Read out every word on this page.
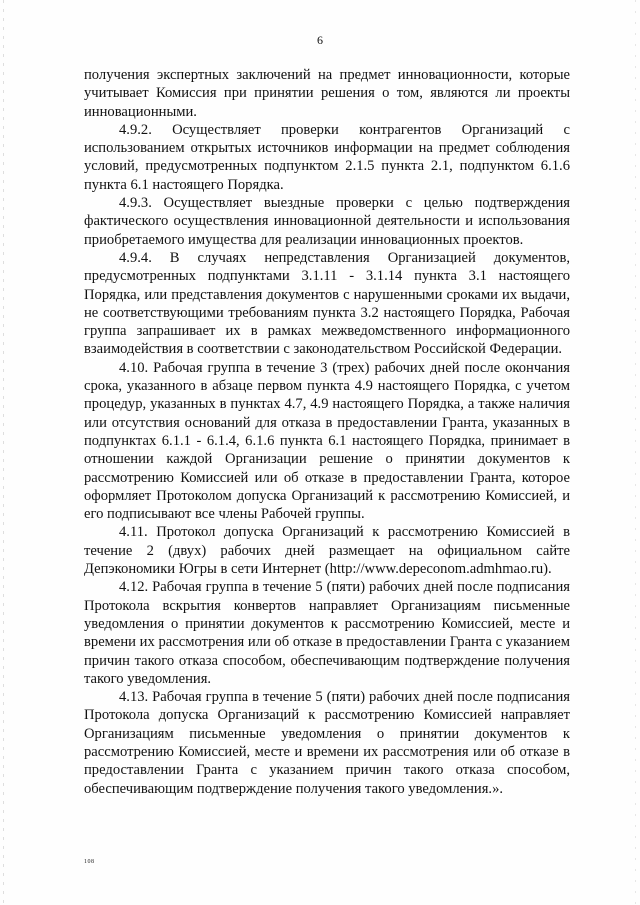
6

получения экспертных заключений на предмет инновационности, которые учитывает Комиссия при принятии решения о том, являются ли проекты инновационными.

4.9.2. Осуществляет проверки контрагентов Организаций с использованием открытых источников информации на предмет соблюдения условий, предусмотренных подпунктом 2.1.5 пункта 2.1, подпунктом 6.1.6 пункта 6.1 настоящего Порядка.

4.9.3. Осуществляет выездные проверки с целью подтверждения фактического осуществления инновационной деятельности и использования приобретаемого имущества для реализации инновационных проектов.

4.9.4. В случаях непредставления Организацией документов, предусмотренных подпунктами 3.1.11 - 3.1.14 пункта 3.1 настоящего Порядка, или представления документов с нарушенными сроками их выдачи, не соответствующими требованиям пункта 3.2 настоящего Порядка, Рабочая группа запрашивает их в рамках межведомственного информационного взаимодействия в соответствии с законодательством Российской Федерации.

4.10. Рабочая группа в течение 3 (трех) рабочих дней после окончания срока, указанного в абзаце первом пункта 4.9 настоящего Порядка, с учетом процедур, указанных в пунктах 4.7, 4.9 настоящего Порядка, а также наличия или отсутствия оснований для отказа в предоставлении Гранта, указанных в подпунктах 6.1.1 - 6.1.4, 6.1.6 пункта 6.1 настоящего Порядка, принимает в отношении каждой Организации решение о принятии документов к рассмотрению Комиссией или об отказе в предоставлении Гранта, которое оформляет Протоколом допуска Организаций к рассмотрению Комиссией, и его подписывают все члены Рабочей группы.

4.11. Протокол допуска Организаций к рассмотрению Комиссией в течение 2 (двух) рабочих дней размещает на официальном сайте Депэкономики Югры в сети Интернет (http://www.depeconom.admhmao.ru).

4.12. Рабочая группа в течение 5 (пяти) рабочих дней после подписания Протокола вскрытия конвертов направляет Организациям письменные уведомления о принятии документов к рассмотрению Комиссией, месте и времени их рассмотрения или об отказе в предоставлении Гранта с указанием причин такого отказа способом, обеспечивающим подтверждение получения такого уведомления.

4.13. Рабочая группа в течение 5 (пяти) рабочих дней после подписания Протокола допуска Организаций к рассмотрению Комиссией направляет Организациям письменные уведомления о принятии документов к рассмотрению Комиссией, месте и времени их рассмотрения или об отказе в предоставлении Гранта с указанием причин такого отказа способом, обеспечивающим подтверждение получения такого уведомления.».

108
